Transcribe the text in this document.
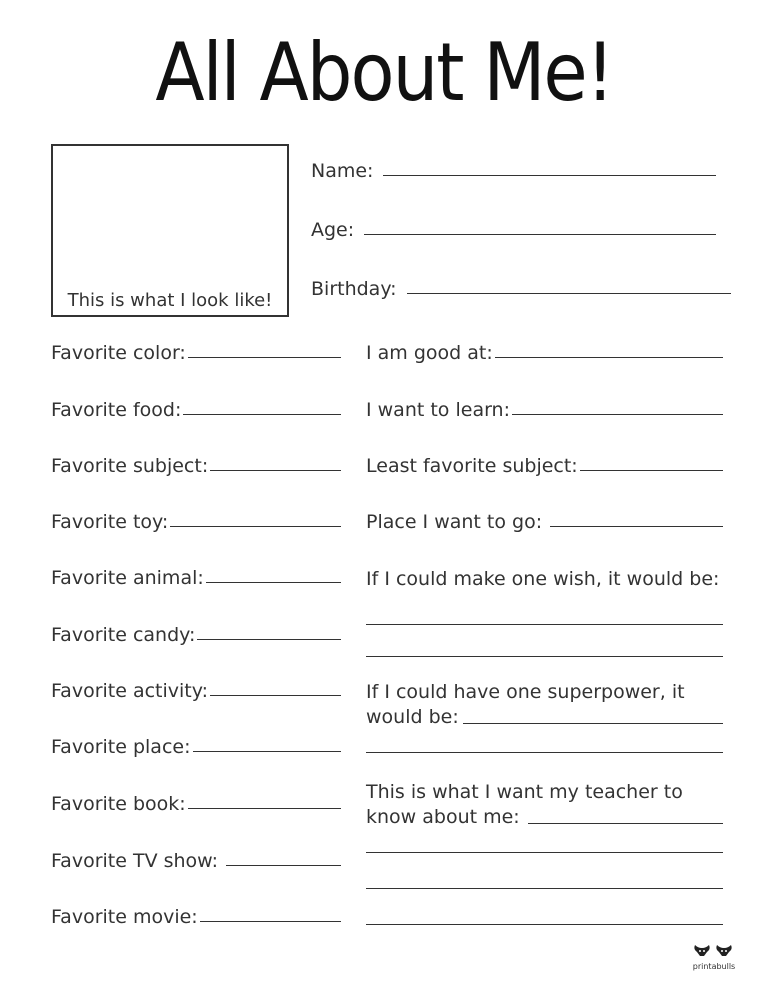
All About Me!
This is what I look like!
Name:
Age:
Birthday:
Favorite color:
Favorite food:
Favorite subject:
Favorite toy:
Favorite animal:
Favorite candy:
Favorite activity:
Favorite place:
Favorite book:
Favorite TV show:
Favorite movie:
I am good at:
I want to learn:
Least favorite subject:
Place I want to go:
If I could make one wish, it would be:
If I could have one superpower, it
would be:
This is what I want my teacher to
know about me:
printabulls
